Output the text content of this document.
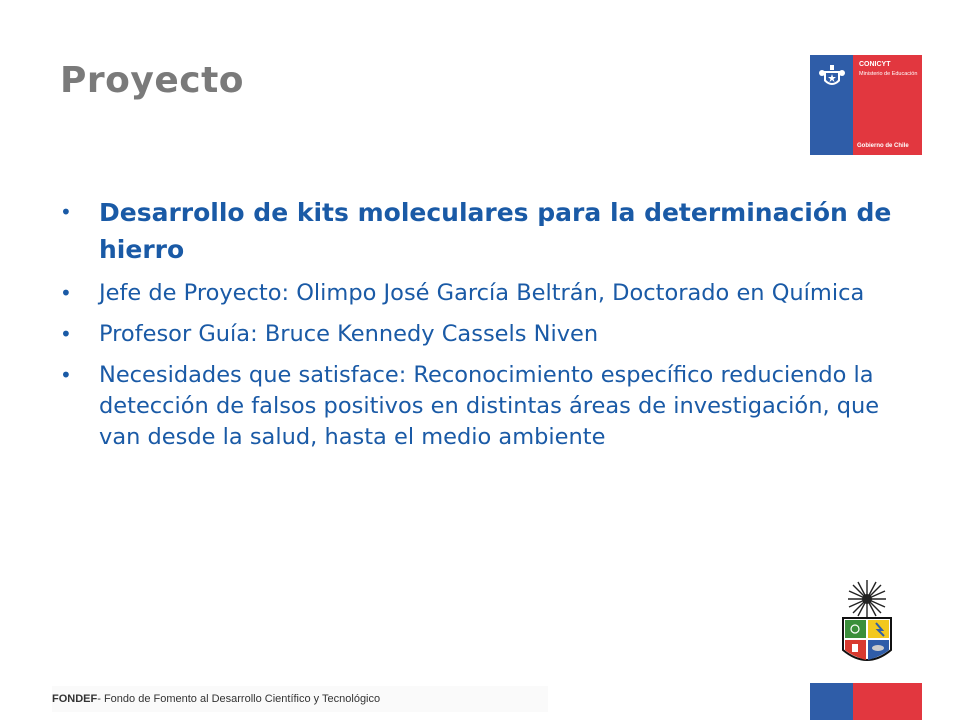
Proyecto	CONICYT
Ministerio de Educación
Gobierno de Chile
• Desarrollo de kits moleculares para la determinación de hierro
• Jefe de Proyecto: Olimpo José García Beltrán, Doctorado en Química
• Profesor Guía: Bruce Kennedy Cassels Niven
• Necesidades que satisface: Reconocimiento específico reduciendo la detección de falsos positivos en distintas áreas de investigación, que van desde la salud, hasta el medio ambiente
FONDEF- Fondo de Fomento al Desarrollo Científico y Tecnológico
